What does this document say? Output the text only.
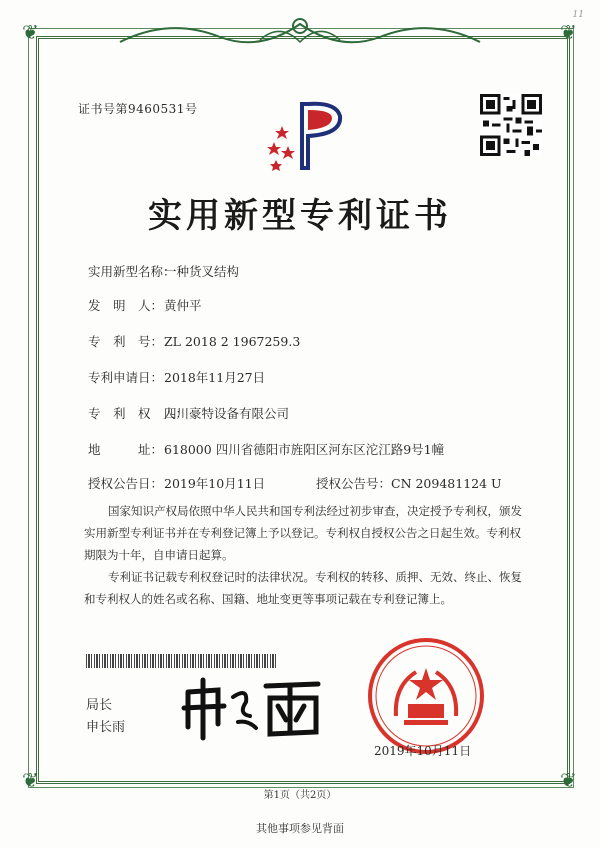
❦	❦
❦	❦
11
证书号第9460531号
实用新型专利证书
实用新型名称：一种货叉结构
发　明　人：黄仲平
专　利　号：ZL 2018 2 1967259.3
专利申请日：2018年11月27日
专　利　权　人：四川豪特设备有限公司
地　　　址：618000 四川省德阳市旌阳区河东区沱江路9号1幢
授权公告日：2019年10月11日	授权公告号：CN 209481124 U
国家知识产权局依照中华人民共和国专利法经过初步审查，决定授予专利权，颁发实用新型专利证书并在专利登记簿上予以登记。专利权自授权公告之日起生效。专利权期限为十年，自申请日起算。
专利证书记载专利权登记时的法律状况。专利权的转移、质押、无效、终止、恢复和专利权人的姓名或名称、国籍、地址变更等事项记载在专利登记簿上。
局长
申长雨
2019年10月11日
第1页（共2页）
其他事项参见背面
